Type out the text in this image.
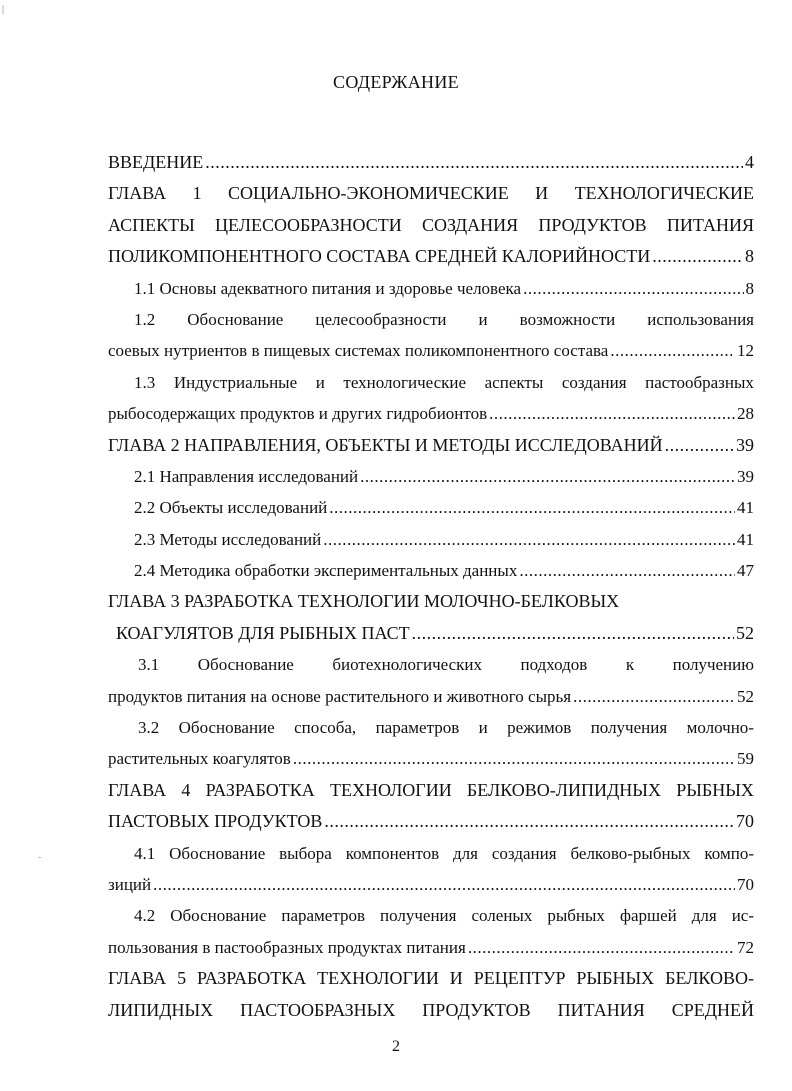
|
-
СОДЕРЖАНИЕ
ВВЕДЕНИЕ .....	4
ГЛАВА 1 СОЦИАЛЬНО-ЭКОНОМИЧЕСКИЕ И ТЕХНОЛОГИЧЕСКИЕ
АСПЕКТЫ ЦЕЛЕСООБРАЗНОСТИ СОЗДАНИЯ ПРОДУКТОВ ПИТАНИЯ
ПОЛИКОМПОНЕНТНОГО СОСТАВА СРЕДНЕЙ КАЛОРИЙНОСТИ .....	8
1.1 Основы адекватного питания и здоровье человека .....	8
1.2 Обоснование целесообразности и возможности использования
соевых нутриентов в пищевых системах поликомпонентного состава .....	12
1.3 Индустриальные и технологические аспекты создания пастообразных
рыбосодержащих продуктов и других гидробионтов .....	28
ГЛАВА 2 НАПРАВЛЕНИЯ, ОБЪЕКТЫ И МЕТОДЫ ИССЛЕДОВАНИЙ .....	39
2.1 Направления исследований .....	39
2.2 Объекты исследований .....	41
2.3 Методы исследований .....	41
2.4 Методика обработки экспериментальных данных .....	47
ГЛАВА 3 РАЗРАБОТКА ТЕХНОЛОГИИ МОЛОЧНО-БЕЛКОВЫХ
КОАГУЛЯТОВ ДЛЯ РЫБНЫХ ПАСТ .....	52
3.1 Обоснование биотехнологических подходов к получению
продуктов питания на основе растительного и животного сырья .....	52
3.2 Обоснование способа, параметров и режимов получения молочно-
растительных коагулятов .....	59
ГЛАВА 4 РАЗРАБОТКА ТЕХНОЛОГИИ БЕЛКОВО-ЛИПИДНЫХ РЫБНЫХ
ПАСТОВЫХ ПРОДУКТОВ .....	70
4.1 Обоснование выбора компонентов для создания белково-рыбных компо-
зиций .....	70
4.2 Обоснование параметров получения соленых рыбных фаршей для ис-
пользования в пастообразных продуктах питания .....	72
ГЛАВА 5 РАЗРАБОТКА ТЕХНОЛОГИИ И РЕЦЕПТУР РЫБНЫХ БЕЛКОВО-
ЛИПИДНЫХ ПАСТООБРАЗНЫХ ПРОДУКТОВ ПИТАНИЯ СРЕДНЕЙ
2
